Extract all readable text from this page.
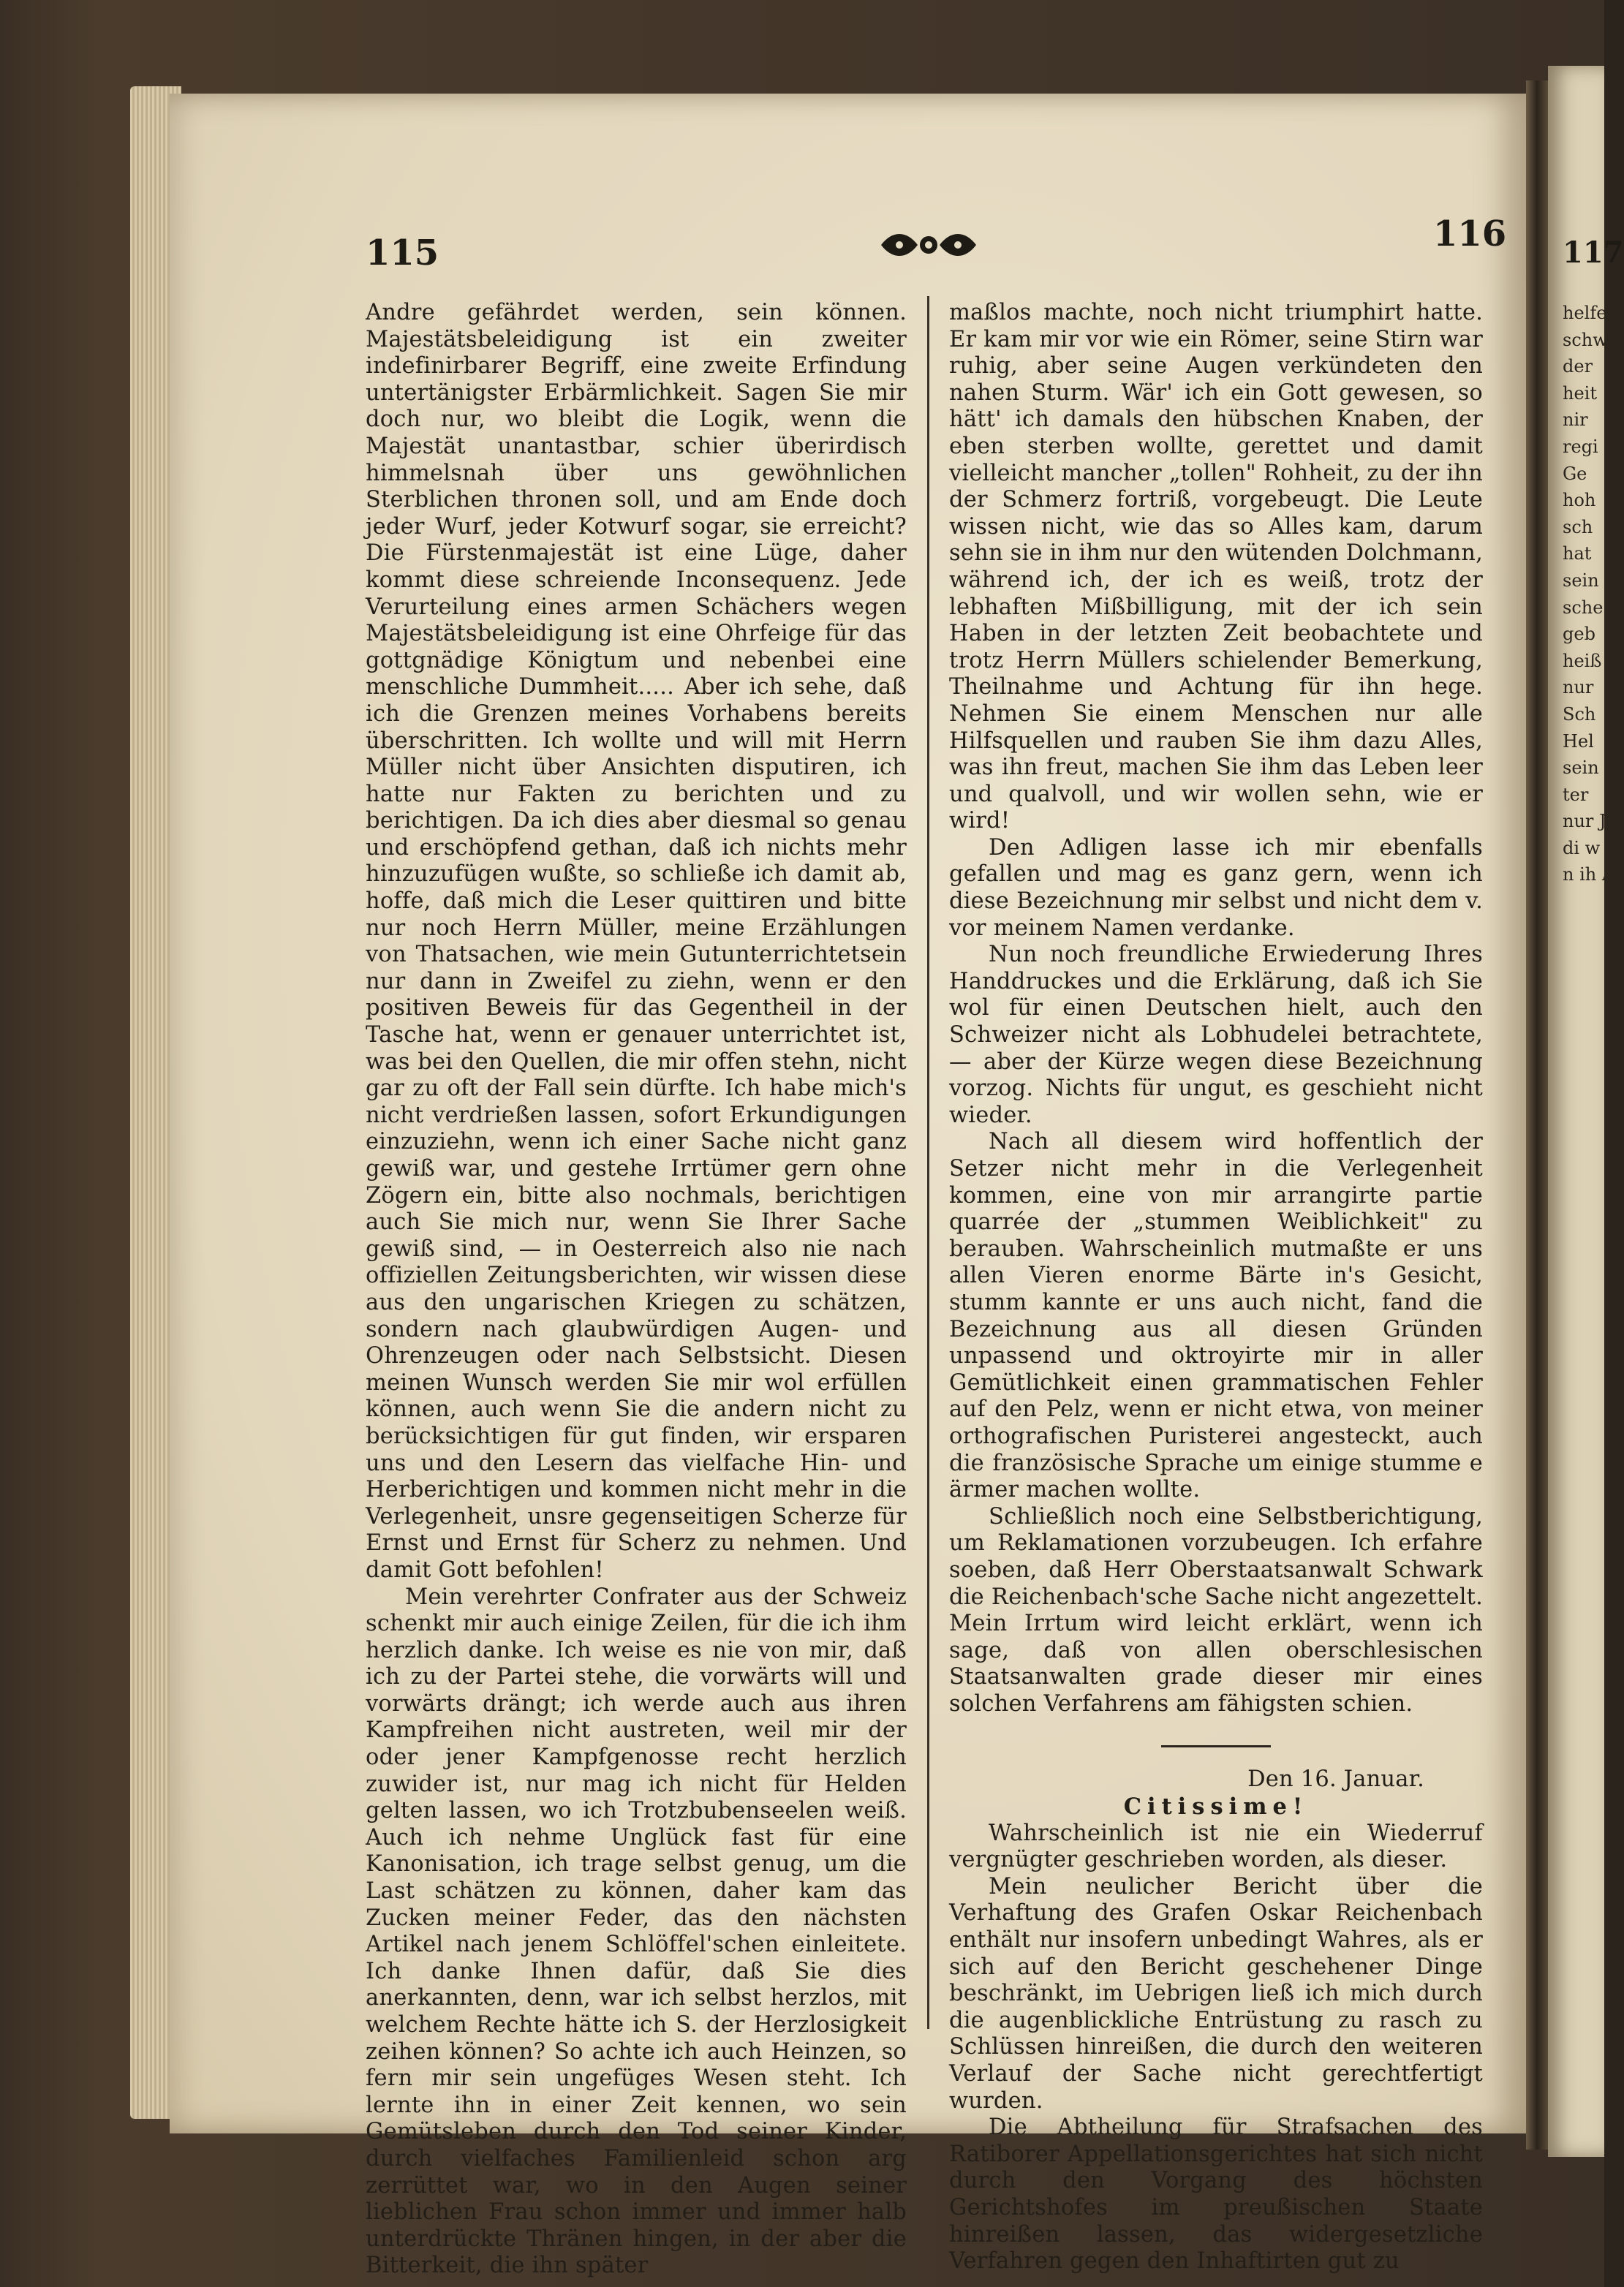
115	116

Andre gefährdet werden, sein können. Majestätsbeleidigung ist ein zweiter indefinirbarer Begriff, eine zweite Erfindung untertänigster Erbärmlichkeit. Sagen Sie mir doch nur, wo bleibt die Logik, wenn die Majestät unantastbar, schier überirdisch himmelsnah über uns gewöhnlichen Sterblichen thronen soll, und am Ende doch jeder Wurf, jeder Kotwurf sogar, sie erreicht? Die Fürstenmajestät ist eine Lüge, daher kommt diese schreiende Inconsequenz. Jede Verurteilung eines armen Schächers wegen Majestätsbeleidigung ist eine Ohrfeige für das gottgnädige Königtum und nebenbei eine menschliche Dummheit..... Aber ich sehe, daß ich die Grenzen meines Vorhabens bereits überschritten. Ich wollte und will mit Herrn Müller nicht über Ansichten disputiren, ich hatte nur Fakten zu berichten und zu berichtigen. Da ich dies aber diesmal so genau und erschöpfend gethan, daß ich nichts mehr hinzuzufügen wußte, so schließe ich damit ab, hoffe, daß mich die Leser quittiren und bitte nur noch Herrn Müller, meine Erzählungen von Thatsachen, wie mein Gutunterrichtetsein nur dann in Zweifel zu ziehn, wenn er den positiven Beweis für das Gegentheil in der Tasche hat, wenn er genauer unterrichtet ist, was bei den Quellen, die mir offen stehn, nicht gar zu oft der Fall sein dürfte. Ich habe mich's nicht verdrießen lassen, sofort Erkundigungen einzuziehn, wenn ich einer Sache nicht ganz gewiß war, und gestehe Irrtümer gern ohne Zögern ein, bitte also nochmals, berichtigen auch Sie mich nur, wenn Sie Ihrer Sache gewiß sind, — in Oesterreich also nie nach offiziellen Zeitungsberichten, wir wissen diese aus den ungarischen Kriegen zu schätzen, sondern nach glaubwürdigen Augen- und Ohrenzeugen oder nach Selbstsicht. Diesen meinen Wunsch werden Sie mir wol erfüllen können, auch wenn Sie die andern nicht zu berücksichtigen für gut finden, wir ersparen uns und den Lesern das vielfache Hin- und Herberichtigen und kommen nicht mehr in die Verlegenheit, unsre gegenseitigen Scherze für Ernst und Ernst für Scherz zu nehmen. Und damit Gott befohlen!

Mein verehrter Confrater aus der Schweiz schenkt mir auch einige Zeilen, für die ich ihm herzlich danke. Ich weise es nie von mir, daß ich zu der Partei stehe, die vorwärts will und vorwärts drängt; ich werde auch aus ihren Kampfreihen nicht austreten, weil mir der oder jener Kampfgenosse recht herzlich zuwider ist, nur mag ich nicht für Helden gelten lassen, wo ich Trotzbubenseelen weiß. Auch ich nehme Unglück fast für eine Kanonisation, ich trage selbst genug, um die Last schätzen zu können, daher kam das Zucken meiner Feder, das den nächsten Artikel nach jenem Schlöffel'schen einleitete. Ich danke Ihnen dafür, daß Sie dies anerkannten, denn, war ich selbst herzlos, mit welchem Rechte hätte ich S. der Herzlosigkeit zeihen können? So achte ich auch Heinzen, so fern mir sein ungefüges Wesen steht. Ich lernte ihn in einer Zeit kennen, wo sein Gemütsleben durch den Tod seiner Kinder, durch vielfaches Familienleid schon arg zerrüttet war, wo in den Augen seiner lieblichen Frau schon immer und immer halb unterdrückte Thränen hingen, in der aber die Bitterkeit, die ihn später

maßlos machte, noch nicht triumphirt hatte. Er kam mir vor wie ein Römer, seine Stirn war ruhig, aber seine Augen verkündeten den nahen Sturm. Wär' ich ein Gott gewesen, so hätt' ich damals den hübschen Knaben, der eben sterben wollte, gerettet und damit vielleicht mancher „tollen" Rohheit, zu der ihn der Schmerz fortriß, vorgebeugt. Die Leute wissen nicht, wie das so Alles kam, darum sehn sie in ihm nur den wütenden Dolchmann, während ich, der ich es weiß, trotz der lebhaften Mißbilligung, mit der ich sein Haben in der letzten Zeit beobachtete und trotz Herrn Müllers schielender Bemerkung, Theilnahme und Achtung für ihn hege. Nehmen Sie einem Menschen nur alle Hilfsquellen und rauben Sie ihm dazu Alles, was ihn freut, machen Sie ihm das Leben leer und qualvoll, und wir wollen sehn, wie er wird!

Den Adligen lasse ich mir ebenfalls gefallen und mag es ganz gern, wenn ich diese Bezeichnung mir selbst und nicht dem v. vor meinem Namen verdanke.

Nun noch freundliche Erwiederung Ihres Handdruckes und die Erklärung, daß ich Sie wol für einen Deutschen hielt, auch den Schweizer nicht als Lobhudelei betrachtete, — aber der Kürze wegen diese Bezeichnung vorzog. Nichts für ungut, es geschieht nicht wieder.

Nach all diesem wird hoffentlich der Setzer nicht mehr in die Verlegenheit kommen, eine von mir arrangirte partie quarrée der „stummen Weiblichkeit" zu berauben. Wahrscheinlich mutmaßte er uns allen Vieren enorme Bärte in's Gesicht, stumm kannte er uns auch nicht, fand die Bezeichnung aus all diesen Gründen unpassend und oktroyirte mir in aller Gemütlichkeit einen grammatischen Fehler auf den Pelz, wenn er nicht etwa, von meiner orthografischen Puristerei angesteckt, auch die französische Sprache um einige stumme e ärmer machen wollte.

Schließlich noch eine Selbstberichtigung, um Reklamationen vorzubeugen. Ich erfahre soeben, daß Herr Oberstaatsanwalt Schwark die Reichenbach'sche Sache nicht angezettelt. Mein Irrtum wird leicht erklärt, wenn ich sage, daß von allen oberschlesischen Staatsanwalten grade dieser mir eines solchen Verfahrens am fähigsten schien.

Den 16. Januar.

Citissime!

Wahrscheinlich ist nie ein Wiederruf vergnügter geschrieben worden, als dieser.

Mein neulicher Bericht über die Verhaftung des Grafen Oskar Reichenbach enthält nur insofern unbedingt Wahres, als er sich auf den Bericht geschehener Dinge beschränkt, im Uebrigen ließ ich mich durch die augenblickliche Entrüstung zu rasch zu Schlüssen hinreißen, die durch den weiteren Verlauf der Sache nicht gerechtfertigt wurden.

Die Abtheilung für Strafsachen des Ratiborer Appellationsgerichtes hat sich nicht durch den Vorgang des höchsten Gerichtshofes im preußischen Staate hinreißen lassen, das widergesetzliche Verfahren gegen den Inhaftirten gut zu

117
helfer schwe der heit nir regi Ge hoh sch hat sein sche geb heiß nur Sch Hel sein ter nur J di w A n ih A
